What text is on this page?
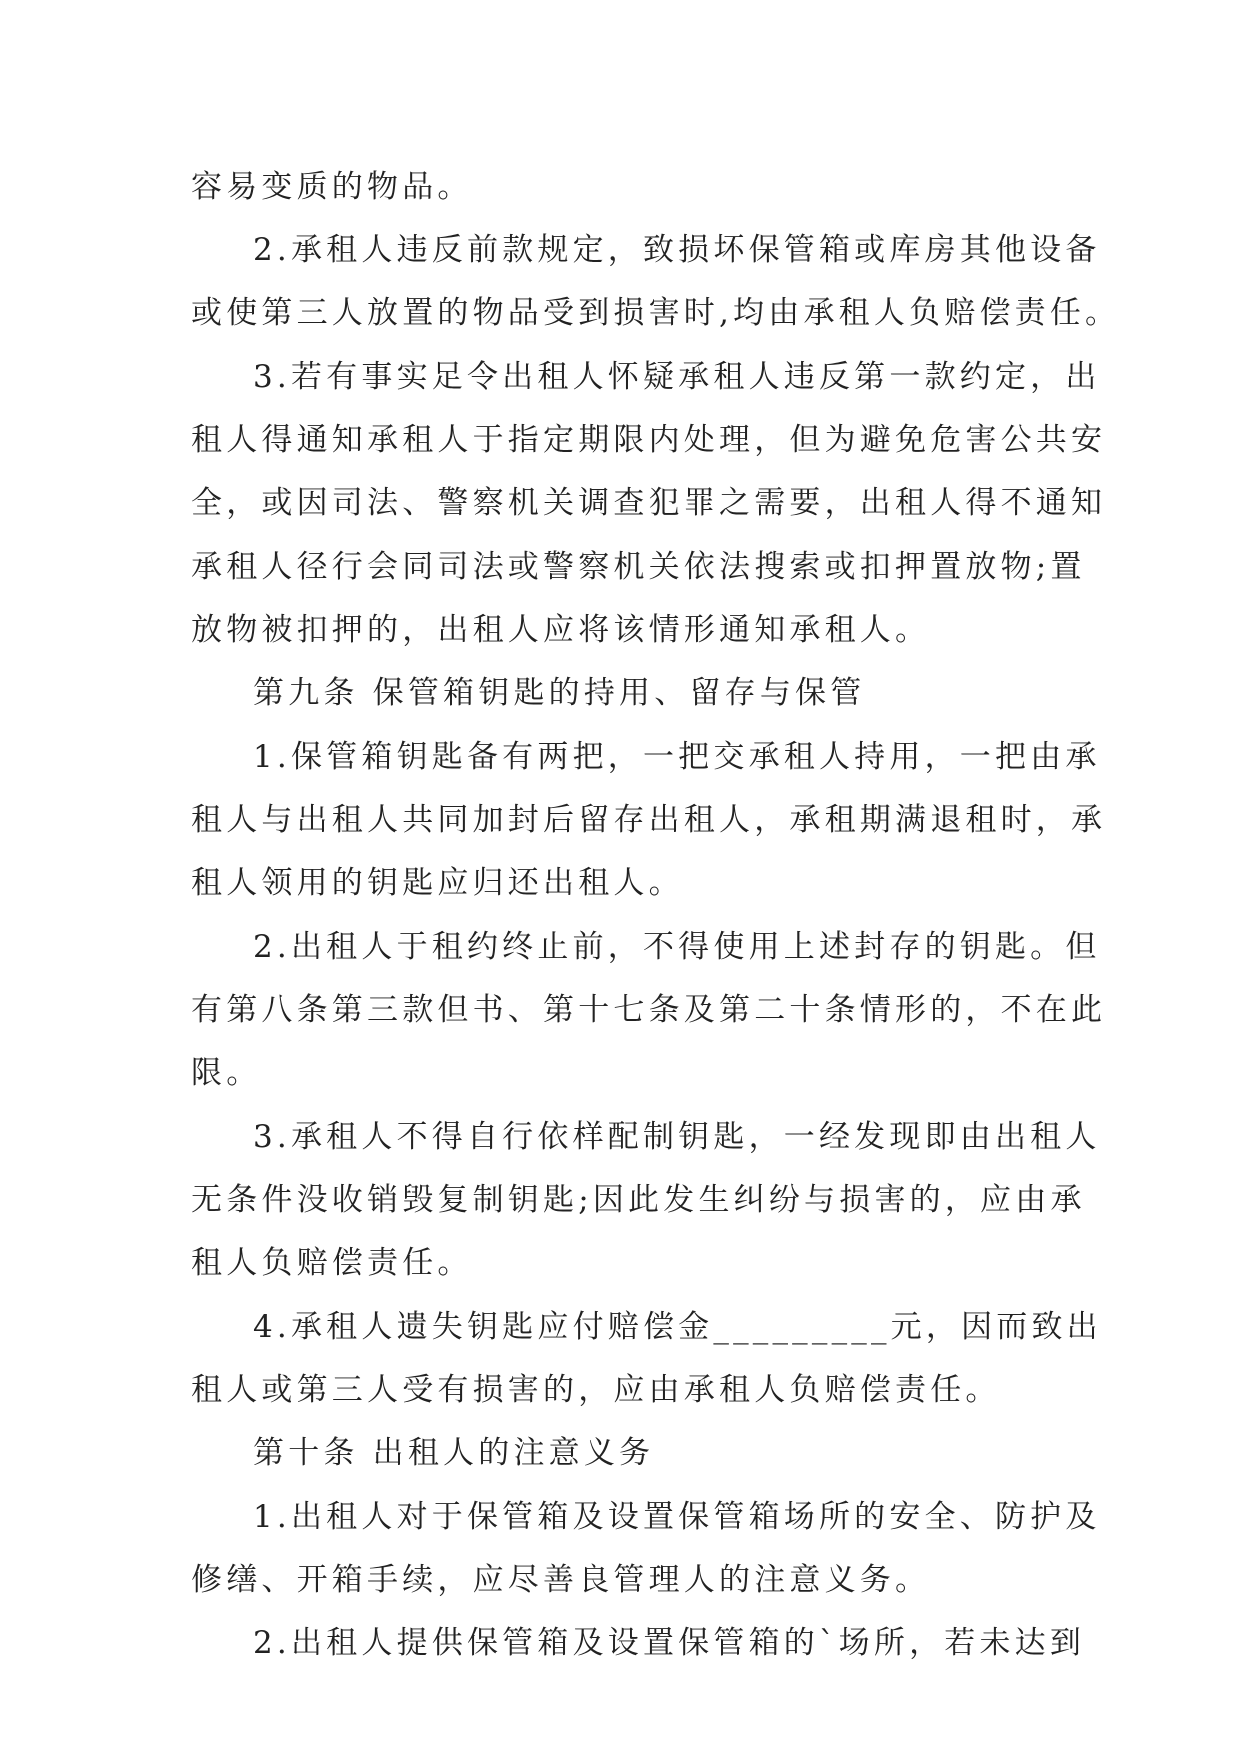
容易变质的物品。
2.承租人违反前款规定，致损坏保管箱或库房其他设备
或使第三人放置的物品受到损害时,均由承租人负赔偿责任。
3.若有事实足令出租人怀疑承租人违反第一款约定，出
租人得通知承租人于指定期限内处理，但为避免危害公共安
全，或因司法、警察机关调查犯罪之需要，出租人得不通知
承租人径行会同司法或警察机关依法搜索或扣押置放物;置
放物被扣押的，出租人应将该情形通知承租人。
第九条 保管箱钥匙的持用、留存与保管
1.保管箱钥匙备有两把，一把交承租人持用，一把由承
租人与出租人共同加封后留存出租人，承租期满退租时，承
租人领用的钥匙应归还出租人。
2.出租人于租约终止前，不得使用上述封存的钥匙。但
有第八条第三款但书、第十七条及第二十条情形的，不在此
限。
3.承租人不得自行依样配制钥匙，一经发现即由出租人
无条件没收销毁复制钥匙;因此发生纠纷与损害的，应由承
租人负赔偿责任。
4.承租人遗失钥匙应付赔偿金_________元，因而致出
租人或第三人受有损害的，应由承租人负赔偿责任。
第十条 出租人的注意义务
1.出租人对于保管箱及设置保管箱场所的安全、防护及
修缮、开箱手续，应尽善良管理人的注意义务。
2.出租人提供保管箱及设置保管箱的`场所，若未达到
